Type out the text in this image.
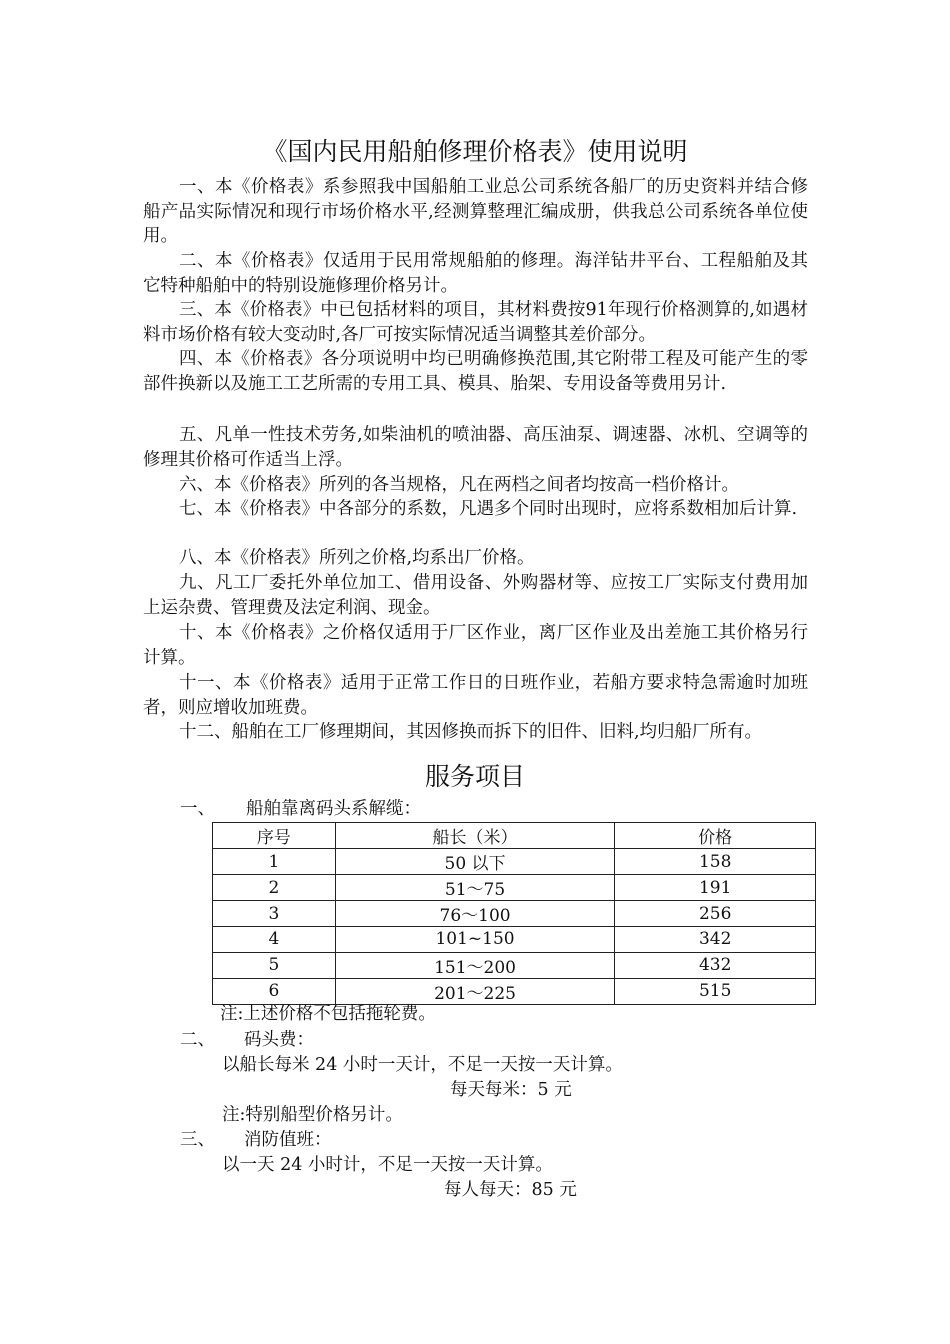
《国内民用船舶修理价格表》使用说明

一、本《价格表》系参照我中国船舶工业总公司系统各船厂的历史资料并结合修船产品实际情况和现行市场价格水平,经测算整理汇编成册，供我总公司系统各单位使用。

二、本《价格表》仅适用于民用常规船舶的修理。海洋钻井平台、工程船舶及其它特种船舶中的特别设施修理价格另计。

三、本《价格表》中已包括材料的项目，其材料费按91年现行价格测算的,如遇材料市场价格有较大变动时,各厂可按实际情况适当调整其差价部分。

四、本《价格表》各分项说明中均已明确修换范围,其它附带工程及可能产生的零部件换新以及施工工艺所需的专用工具、模具、胎架、专用设备等费用另计.

五、凡单一性技术劳务,如柴油机的喷油器、高压油泵、调速器、冰机、空调等的修理其价格可作适当上浮。

六、本《价格表》所列的各当规格，凡在两档之间者均按高一档价格计。

七、本《价格表》中各部分的系数，凡遇多个同时出现时，应将系数相加后计算.

八、本《价格表》所列之价格,均系出厂价格。

九、凡工厂委托外单位加工、借用设备、外购器材等、应按工厂实际支付费用加上运杂费、管理费及法定利润、现金。

十、本《价格表》之价格仅适用于厂区作业，离厂区作业及出差施工其价格另行计算。

十一、本《价格表》适用于正常工作日的日班作业，若船方要求特急需逾时加班者，则应增收加班费。

十二、船舶在工厂修理期间，其因修换而拆下的旧件、旧料,均归船厂所有。

服务项目
一、 船舶靠离码头系解缆：
序号	船长（米）	价格
1	50 以下	158
2	51～75	191
3	76～100	256
4	101~150	342
5	151～200	432
6	201～225	515
注:上述价格不包括拖轮费。
二、 码头费：
以船长每米 24 小时一天计，不足一天按一天计算。
每天每米：5 元
注:特别船型价格另计。
三、 消防值班：
以一天 24 小时计，不足一天按一天计算。
每人每天：85 元
